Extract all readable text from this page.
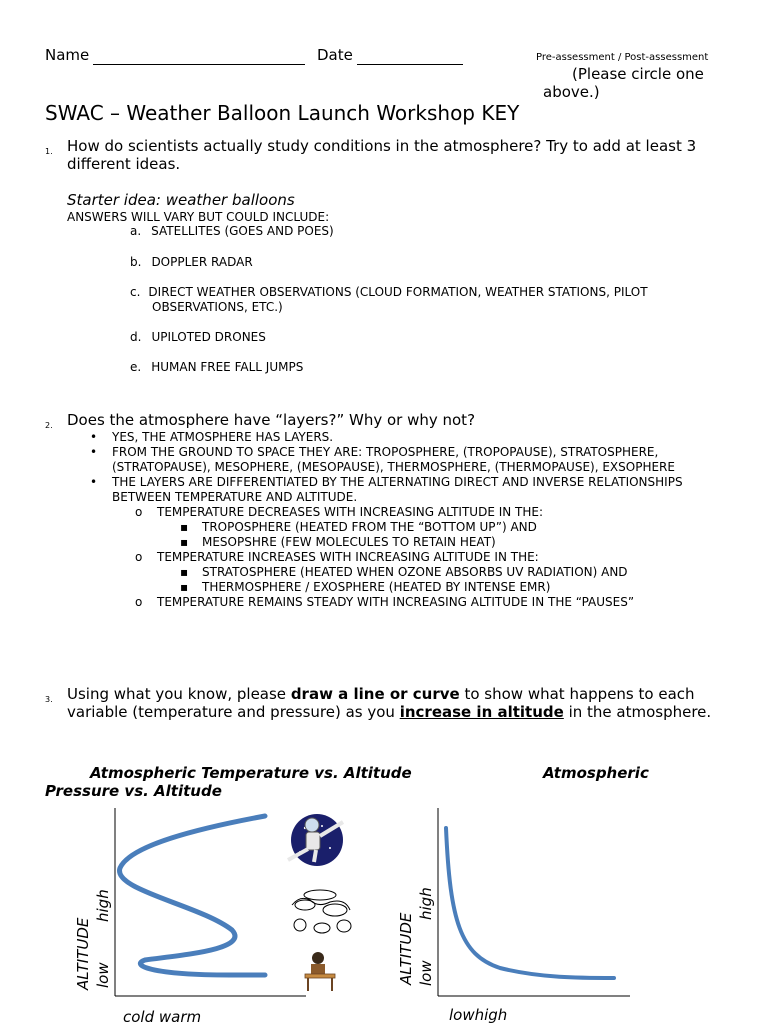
Name	Date	Pre-assessment / Post-assessment
(Please circle one
above.)
SWAC – Weather Balloon Launch Workshop KEY
1. How do scientists actually study conditions in the atmosphere? Try to add at least 3
different ideas.
Starter idea: weather balloons
ANSWERS WILL VARY BUT COULD INCLUDE:
a. SATELLITES (GOES AND POES)
b. DOPPLER RADAR
c. DIRECT WEATHER OBSERVATIONS (CLOUD FORMATION, WEATHER STATIONS, PILOT
OBSERVATIONS, ETC.)
d. UPILOTED DRONES
e. HUMAN FREE FALL JUMPS
2. Does the atmosphere have “layers?” Why or why not?
•	YES, THE ATMOSPHERE HAS LAYERS.
•	FROM THE GROUND TO SPACE THEY ARE: TROPOSPHERE, (TROPOPAUSE), STRATOSPHERE,
(STRATOPAUSE), MESOPHERE, (MESOPAUSE), THERMOSPHERE, (THERMOPAUSE), EXSOPHERE
•	THE LAYERS ARE DIFFERENTIATED BY THE ALTERNATING DIRECT AND INVERSE RELATIONSHIPS
BETWEEN TEMPERATURE AND ALTITUDE.
o	TEMPERATURE DECREASES WITH INCREASING ALTITUDE IN THE:
▪	TROPOSPHERE (HEATED FROM THE “BOTTOM UP”) AND
▪	MESOPSHRE (FEW MOLECULES TO RETAIN HEAT)
o	TEMPERATURE INCREASES WITH INCREASING ALTITUDE IN THE:
▪	STRATOSPHERE (HEATED WHEN OZONE ABSORBS UV RADIATION) AND
▪	THERMOSPHERE / EXOSPHERE (HEATED BY INTENSE EMR)
o	TEMPERATURE REMAINS STEADY WITH INCREASING ALTITUDE IN THE “PAUSES”
3. Using what you know, please draw a line or curve to show what happens to each
variable (temperature and pressure) as you increase in altitude in the atmosphere.
Atmospheric Temperature vs. Altitude	Atmospheric
Pressure vs. Altitude
ALTITUDE low
high
cold warm
ALTITUDE low
high
lowhigh
